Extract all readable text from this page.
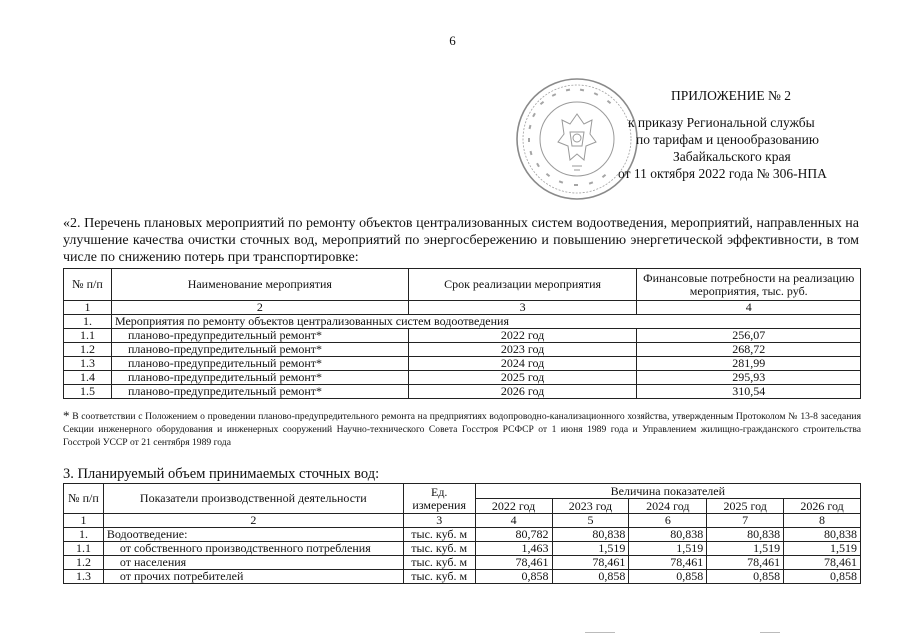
6
ПРИЛОЖЕНИЕ № 2
к приказу Региональной службы
по тарифам и ценообразованию
Забайкальского края
от 11 октября 2022 года № 306-НПА
«2. Перечень плановых мероприятий по ремонту объектов централизованных систем водоотведения, мероприятий, направленных на улучшение качества очистки сточных вод, мероприятий по энергосбережению и повышению энергетической эффективности, в том числе по снижению потерь при транспортировке:
№ п/п	Наименование мероприятия	Срок реализации мероприятия	Финансовые потребности на реализацию мероприятия, тыс. руб.
1	2	3	4
1.	Мероприятия по ремонту объектов централизованных систем водоотведения		
1.1	планово-предупредительный ремонт*	2022 год	256,07
1.2	планово-предупредительный ремонт*	2023 год	268,72
1.3	планово-предупредительный ремонт*	2024 год	281,99
1.4	планово-предупредительный ремонт*	2025 год	295,93
1.5	планово-предупредительный ремонт*	2026 год	310,54
* В соответствии с Положением о проведении планово-предупредительного ремонта на предприятиях водопроводно-канализационного хозяйства, утвержденным Протоколом № 13-8 заседания Секции инженерного оборудования и инженерных сооружений Научно-технического Совета Госстроя РСФСР от 1 июня 1989 года и Управлением жилищно-гражданского строительства Госстрой УССР от 21 сентября 1989 года
3. Планируемый объем принимаемых сточных вод:
№ п/п	Показатели производственной деятельности	Ед. измерения	Величина показателей				
			2022 год	2023 год	2024 год	2025 год	2026 год
1	2	3	4	5	6	7	8
1.	Водоотведение:	тыс. куб. м	80,782	80,838	80,838	80,838	80,838
1.1	от собственного производственного потребления	тыс. куб. м	1,463	1,519	1,519	1,519	1,519
1.2	от населения	тыс. куб. м	78,461	78,461	78,461	78,461	78,461
1.3	от прочих потребителей	тыс. куб. м	0,858	0,858	0,858	0,858	0,858
